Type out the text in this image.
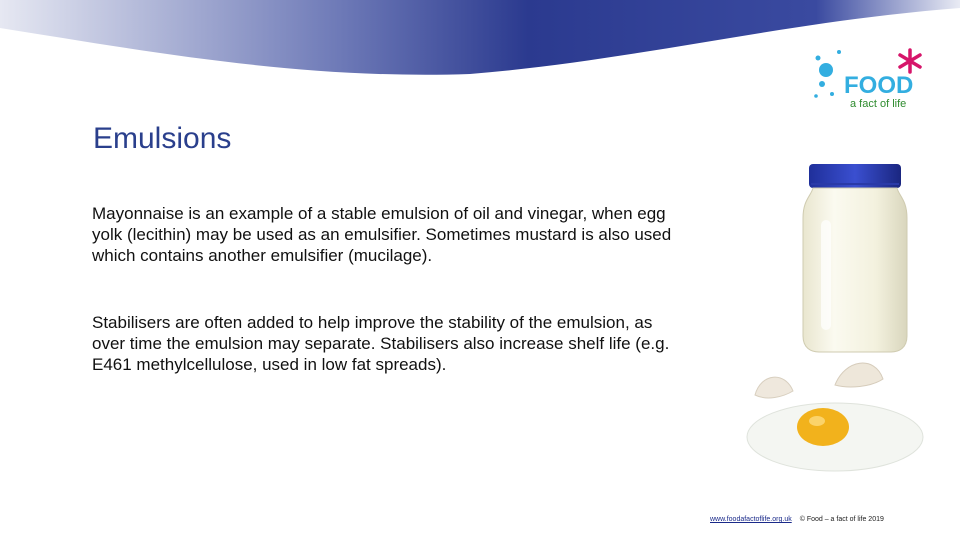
FOOD
a fact of life
Emulsions

Mayonnaise is an example of a stable emulsion of oil and vinegar, when egg yolk (lecithin) may be used as an emulsifier. Sometimes mustard is also used which contains another emulsifier (mucilage).

Stabilisers are often added to help improve the stability of the emulsion, as over time the emulsion may separate. Stabilisers also increase shelf life (e.g. E461 methylcellulose, used in low fat spreads).

www.foodafactoflife.org.uk © Food – a fact of life 2019
